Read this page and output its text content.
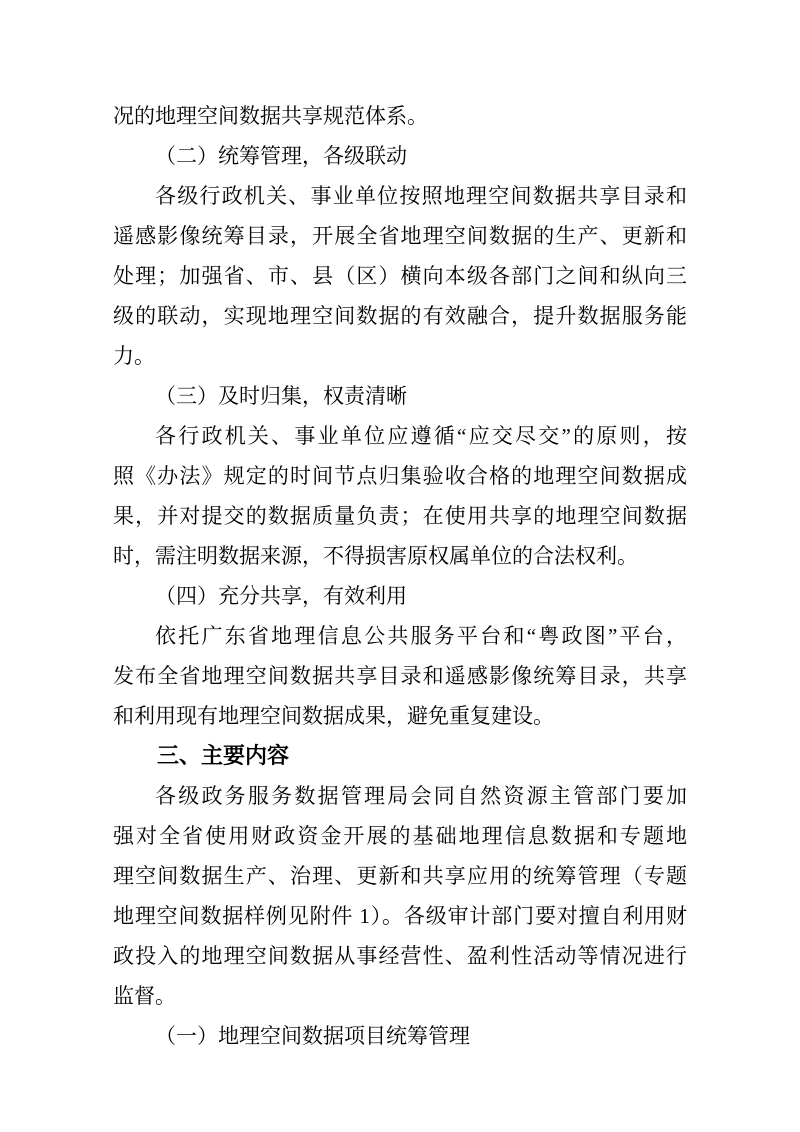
况的地理空间数据共享规范体系。
（二）统筹管理，各级联动
各级行政机关、事业单位按照地理空间数据共享目录和
遥感影像统筹目录，开展全省地理空间数据的生产、更新和
处理；加强省、市、县（区）横向本级各部门之间和纵向三
级的联动，实现地理空间数据的有效融合，提升数据服务能
力。
（三）及时归集，权责清晰
各行政机关、事业单位应遵循“应交尽交”的原则，按
照《办法》规定的时间节点归集验收合格的地理空间数据成
果，并对提交的数据质量负责；在使用共享的地理空间数据
时，需注明数据来源，不得损害原权属单位的合法权利。
（四）充分共享，有效利用
依托广东省地理信息公共服务平台和“粤政图”平台，
发布全省地理空间数据共享目录和遥感影像统筹目录，共享
和利用现有地理空间数据成果，避免重复建设。
三、主要内容
各级政务服务数据管理局会同自然资源主管部门要加
强对全省使用财政资金开展的基础地理信息数据和专题地
理空间数据生产、治理、更新和共享应用的统筹管理（专题
地理空间数据样例见附件 1）。各级审计部门要对擅自利用财
政投入的地理空间数据从事经营性、盈利性活动等情况进行
监督。
（一）地理空间数据项目统筹管理
